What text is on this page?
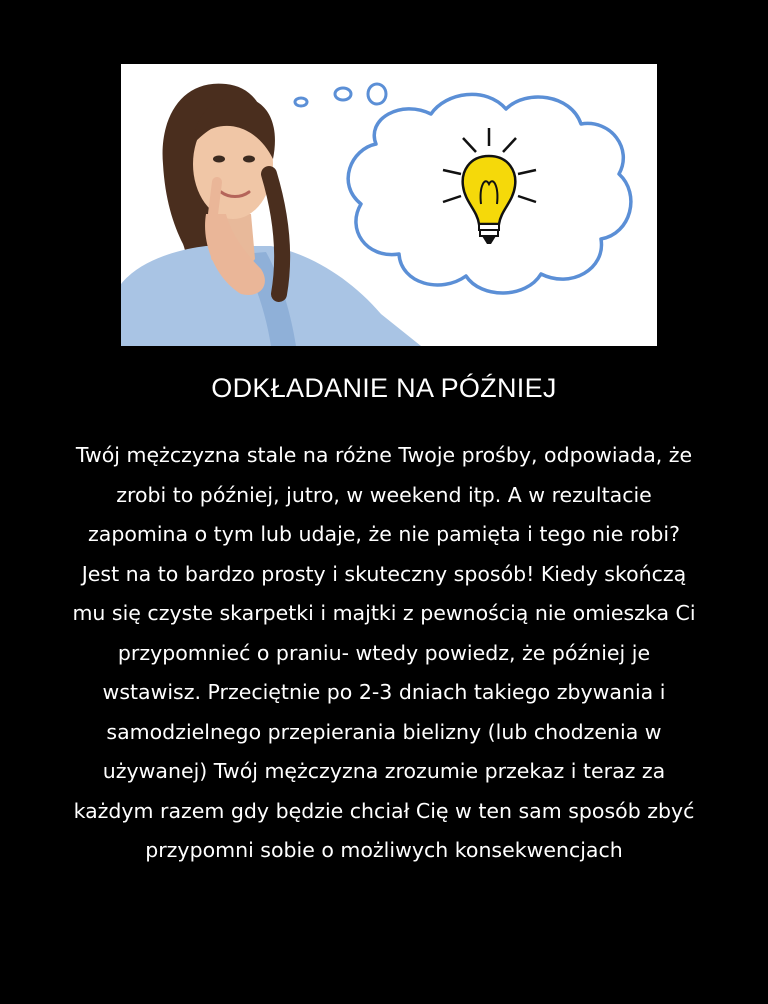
ODKŁADANIE NA PÓŹNIEJ
Twój mężczyzna stale na różne Twoje prośby, odpowiada, że
zrobi to później, jutro, w weekend itp. A w rezultacie
zapomina o tym lub udaje, że nie pamięta i tego nie robi?
Jest na to bardzo prosty i skuteczny sposób! Kiedy skończą
mu się czyste skarpetki i majtki z pewnością nie omieszka Ci
przypomnieć o praniu- wtedy powiedz, że później je
wstawisz. Przeciętnie po 2-3 dniach takiego zbywania i
samodzielnego przepierania bielizny (lub chodzenia w
używanej) Twój mężczyzna zrozumie przekaz i teraz za
każdym razem gdy będzie chciał Cię w ten sam sposób zbyć
przypomni sobie o możliwych konsekwencjach
